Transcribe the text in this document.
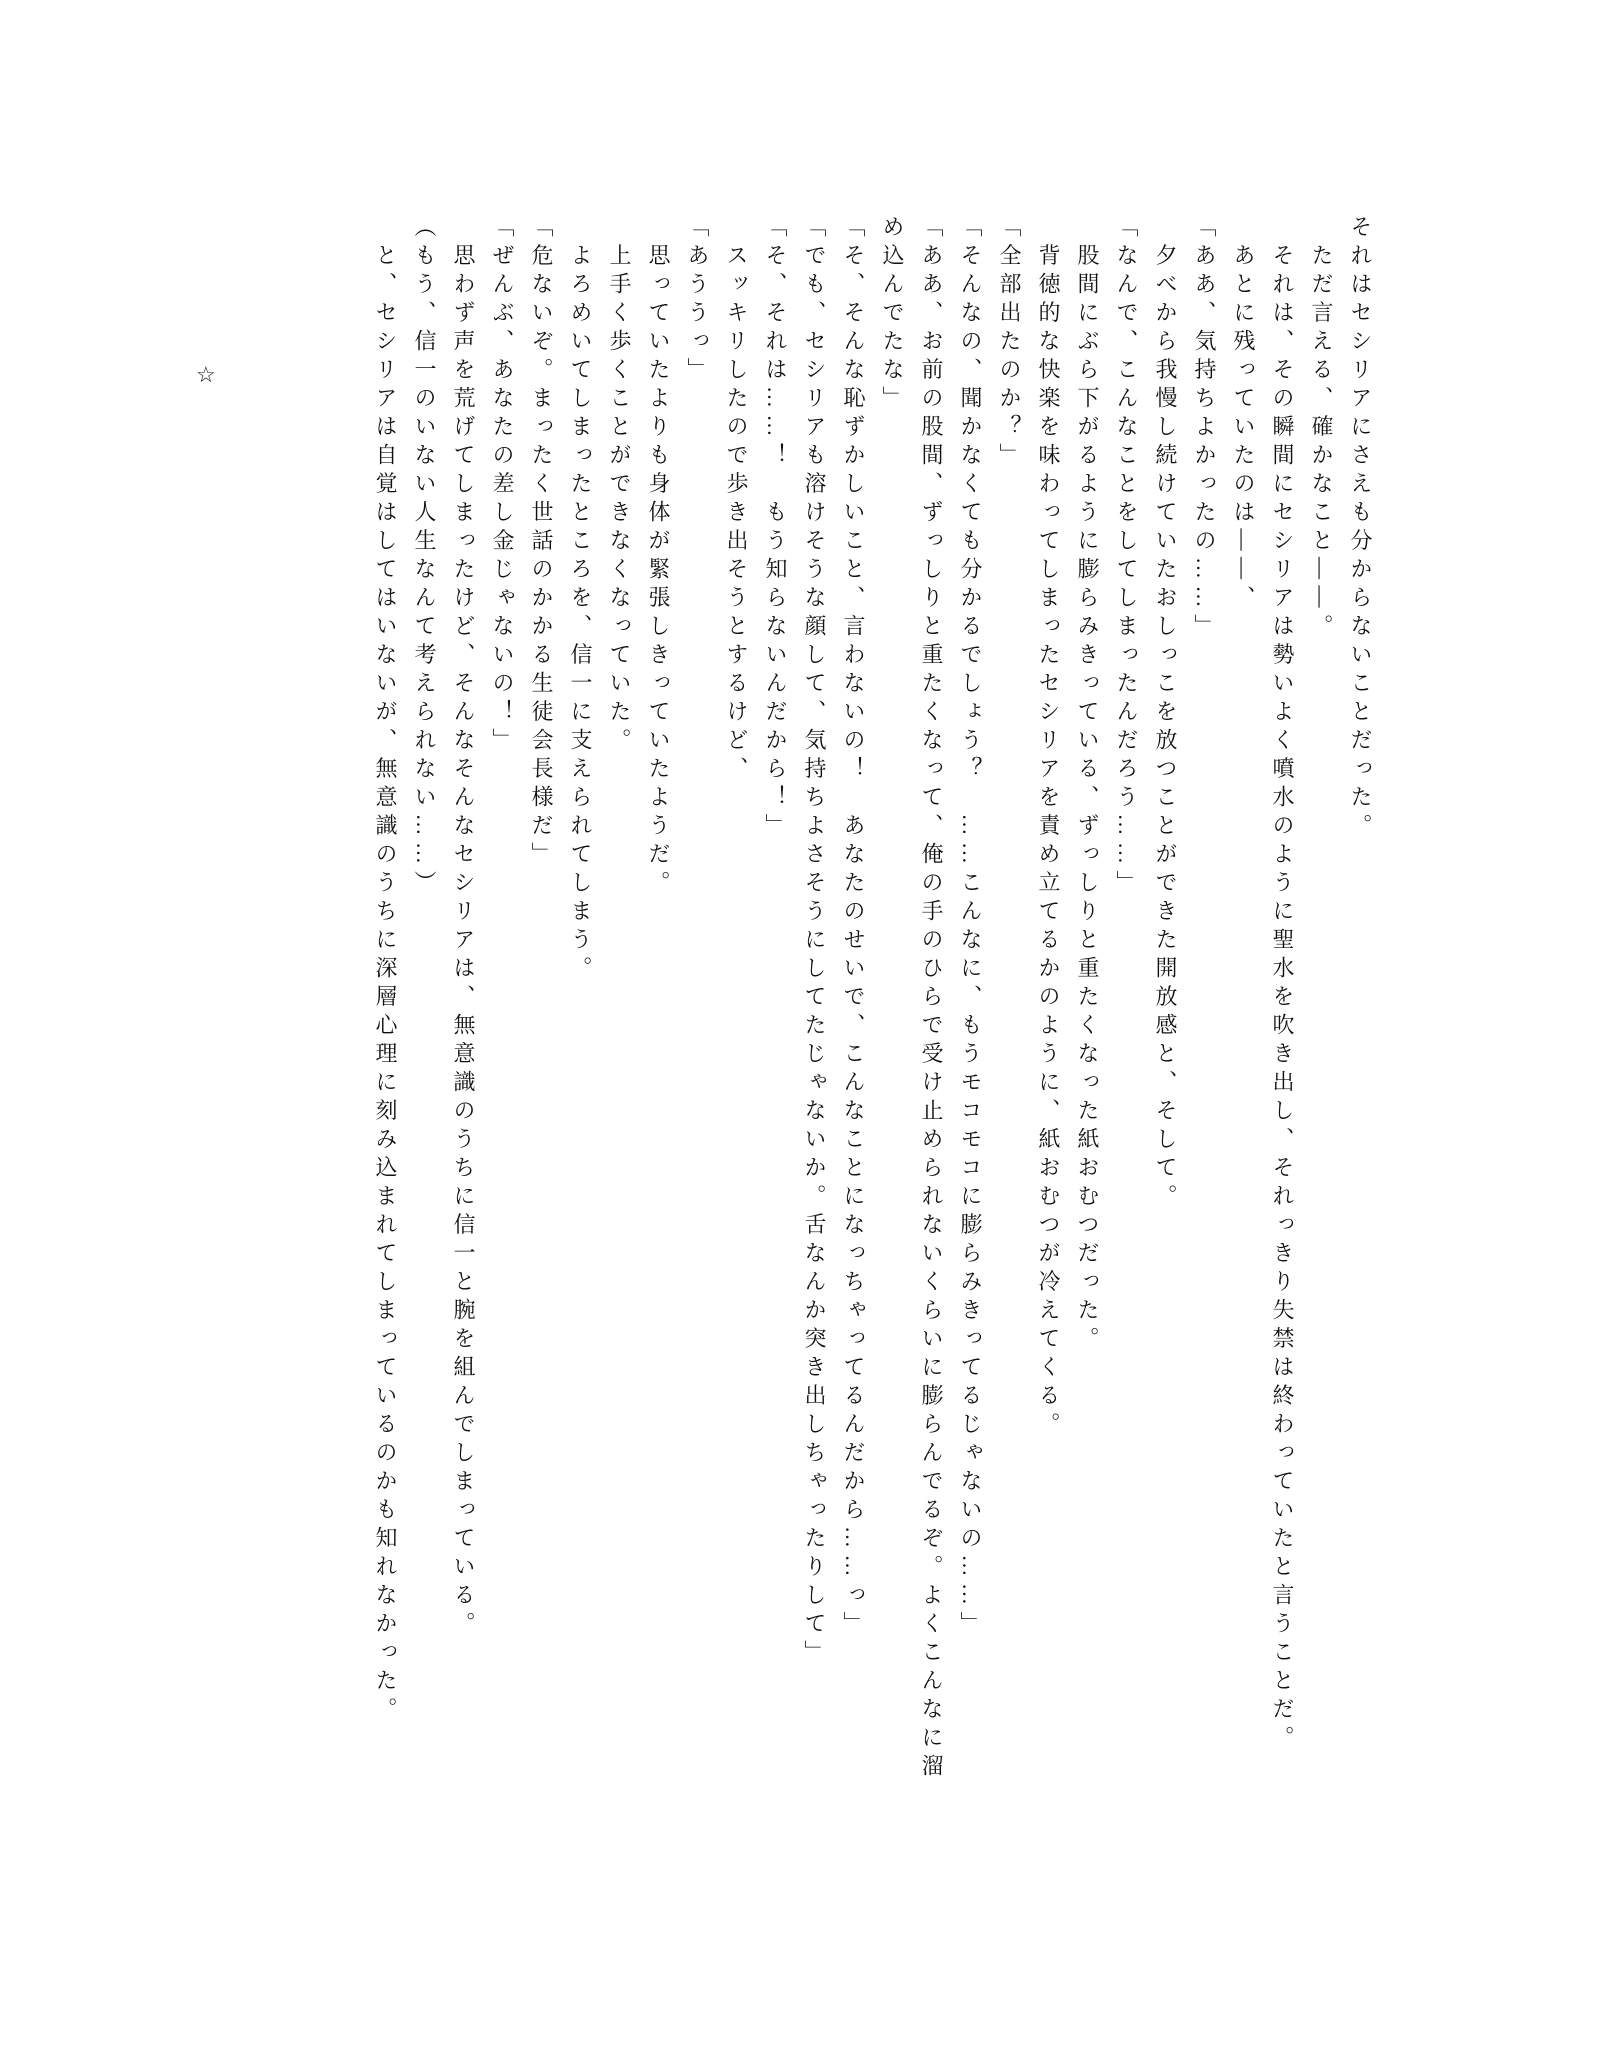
それはセシリアにさえも分からないことだった。

　ただ言える、確かなこと――。

　それは、その瞬間にセシリアは勢いよく噴水のように聖水を吹き出し、それっきり失禁は終わっていたと言うことだ。

　あとに残っていたのは――、

「ああ、気持ちよかったの……」

　夕べから我慢し続けていたおしっこを放つことができた開放感と、そして。

「なんで、こんなことをしてしまったんだろう……」

　股間にぶら下がるように膨らみきっている、ずっしりと重たくなった紙おむつだった。

　背徳的な快楽を味わってしまったセシリアを責め立てるかのように、紙おむつが冷えてくる。

「全部出たのか？」

「そんなの、聞かなくても分かるでしょう？　……こんなに、もうモコモコに膨らみきってるじゃないの……」

「ああ、お前の股間、ずっしりと重たくなって、俺の手のひらで受け止められないくらいに膨らんでるぞ。よくこんなに溜

め込んでたな」

「そ、そんな恥ずかしいこと、言わないの！　あなたのせいで、こんなことになっちゃってるんだから……っ」

「でも、セシリアも溶けそうな顔して、気持ちよさそうにしてたじゃないか。舌なんか突き出しちゃったりして」

「そ、それは……！　もう知らないんだから！」

　スッキリしたので歩き出そうとするけど、

「あううっ」

　思っていたよりも身体が緊張しきっていたようだ。

　上手く歩くことができなくなっていた。

　よろめいてしまったところを、信一に支えられてしまう。

「危ないぞ。まったく世話のかかる生徒会長様だ」

「ぜんぶ、あなたの差し金じゃないの！」

　思わず声を荒げてしまったけど、そんなそんなセシリアは、無意識のうちに信一と腕を組んでしまっている。

（もう、信一のいない人生なんて考えられない……）

　と、セシリアは自覚はしてはいないが、無意識のうちに深層心理に刻み込まれてしまっているのかも知れなかった。

☆
